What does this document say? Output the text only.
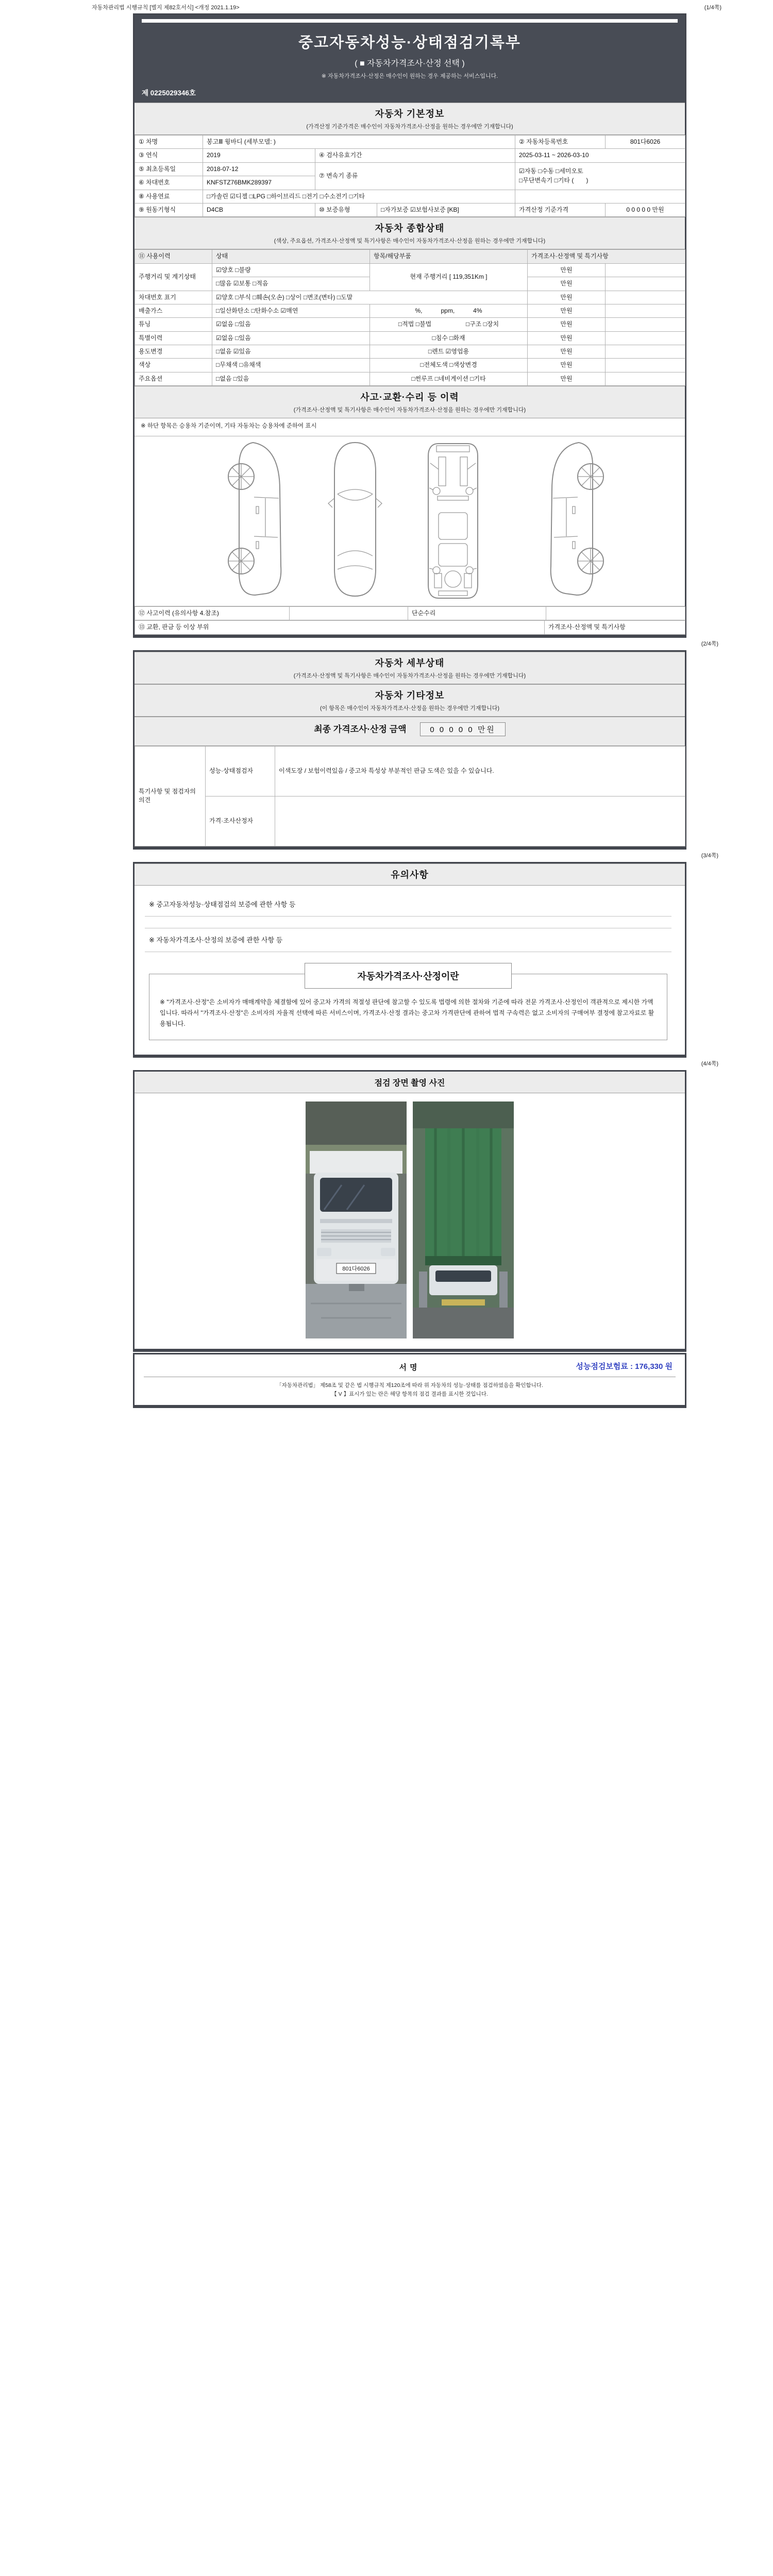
자동차관리법 시행규칙 [별지 제82호서식] <개정 2021.1.19>	(1/4쪽)
중고자동차성능·상태점검기록부
( ■ 자동차가격조사·산정 선택 )
※ 자동차가격조사·산정은 매수인이 원하는 경우 제공하는 서비스입니다.
제 0225029346호
자동차 기본정보
(가격산정 기준가격은 매수인이 자동차가격조사·산정을 원하는 경우에만 기재합니다)
① 차명	봉고Ⅲ 윙바디 (세부모델: )			② 자동차등록번호	801다6026
③ 연식	2019	④ 검사유효기간		2025-03-11 ~ 2026-03-10	
⑤ 최초등록일	2018-07-12	⑦ 변속기 종류		☑자동 □수동 □세미오토
□무단변속기 □기타 (　　)	

⑥ 차대번호	KNFSTZ76BMK289397				
⑧ 사용연료	□가솔린 ☑디젤 □LPG □하이브리드 □전기 □수소전기 □기타				
⑨ 원동기형식	D4CB	⑩ 보증유형	□자가보증 ☑보험사보증 [KB]	가격산정 기준가격	0 0 0 0 0 만원
자동차 종합상태
(색상, 주요옵션, 가격조사·산정액 및 특기사항은 매수인이 자동차가격조사·산정을 원하는 경우에만 기재합니다)
⑪ 사용이력	상태	항목/해당부품	가격조사·산정액 및 특기사항	
주행거리 및 계기상태	☑양호 □불량	현재 주행거리 [ 119,351Km ]	만원	
	□많음 ☑보통 □적음		만원	
차대번호 표기	☑양호 □부식 □훼손(오손) □상이 □변조(변타) □도말		만원	
배출가스	□일산화탄소 □탄화수소 ☑매연	%,　　　ppm,　　　4%	만원	
튜닝	☑없음 □있음	□적법 □불법 　　　　　 □구조 □장치	만원	
특별이력	☑없음 □있음	□침수 □화재	만원	
용도변경	□없음 ☑있음	□렌트 ☑영업용	만원	
색상	□무채색 □유채색	□전체도색 □색상변경	만원	
주요옵션	□없음 □있음	□썬루프 □네비게이션 □기타	만원	
사고·교환·수리 등 이력
(가격조사·산정액 및 특기사항은 매수인이 자동차가격조사·산정을 원하는 경우에만 기재합니다)
※ 하단 항목은 승용차 기준이며, 기타 자동차는 승용차에 준하여 표시
⑫ 사고이력 (유의사항 4.참조)		단순수리	
⑬ 교환, 판금 등 이상 부위	가격조사·산정액 및 특기사항
(2/4쪽)
자동차 세부상태
(가격조사·산정액 및 특기사항은 매수인이 자동차가격조사·산정을 원하는 경우에만 기재합니다)
자동차 기타정보
(이 항목은 매수인이 자동차가격조사·산정을 원하는 경우에만 기재합니다)
최종 가격조사·산정 금액	0 0 0 0 0 만원
특기사항 및 점검자의 의견	성능·상태점검자	이색도장 / 보험이력있음 / 중고차 특성상 부분적인 판금 도색은 있을 수 있습니다.
	가격·조사산정자	
(3/4쪽)
유의사항
※ 중고자동차성능·상태점검의 보증에 관한 사항 등
※ 자동차가격조사·산정의 보증에 관한 사항 등
자동차가격조사·산정이란
※ "가격조사·산정"은 소비자가 매매계약을 체결함에 있어 중고차 가격의 적절성 판단에 참고할 수 있도록 법령에 의한 절차와 기준에 따라 전문 가격조사·산정인이 객관적으로 제시한 가액입니다. 따라서 "가격조사·산정"은 소비자의 자율적 선택에 따른 서비스이며, 가격조사·산정 결과는 중고차 가격판단에 관하여 법적 구속력은 없고 소비자의 구매여부 결정에 참고자료로 활용됩니다.
(4/4쪽)
점검 장면 촬영 사진
801다6026
서명	성능점검보험료 : 176,330 원
「자동차관리법」 제58조 및 같은 법 시행규칙 제120조에 따라 위 자동차의 성능·상태를 점검하였음을 확인합니다.
【 V 】표시가 있는 란은 해당 항목의 점검 결과를 표시한 것입니다.
